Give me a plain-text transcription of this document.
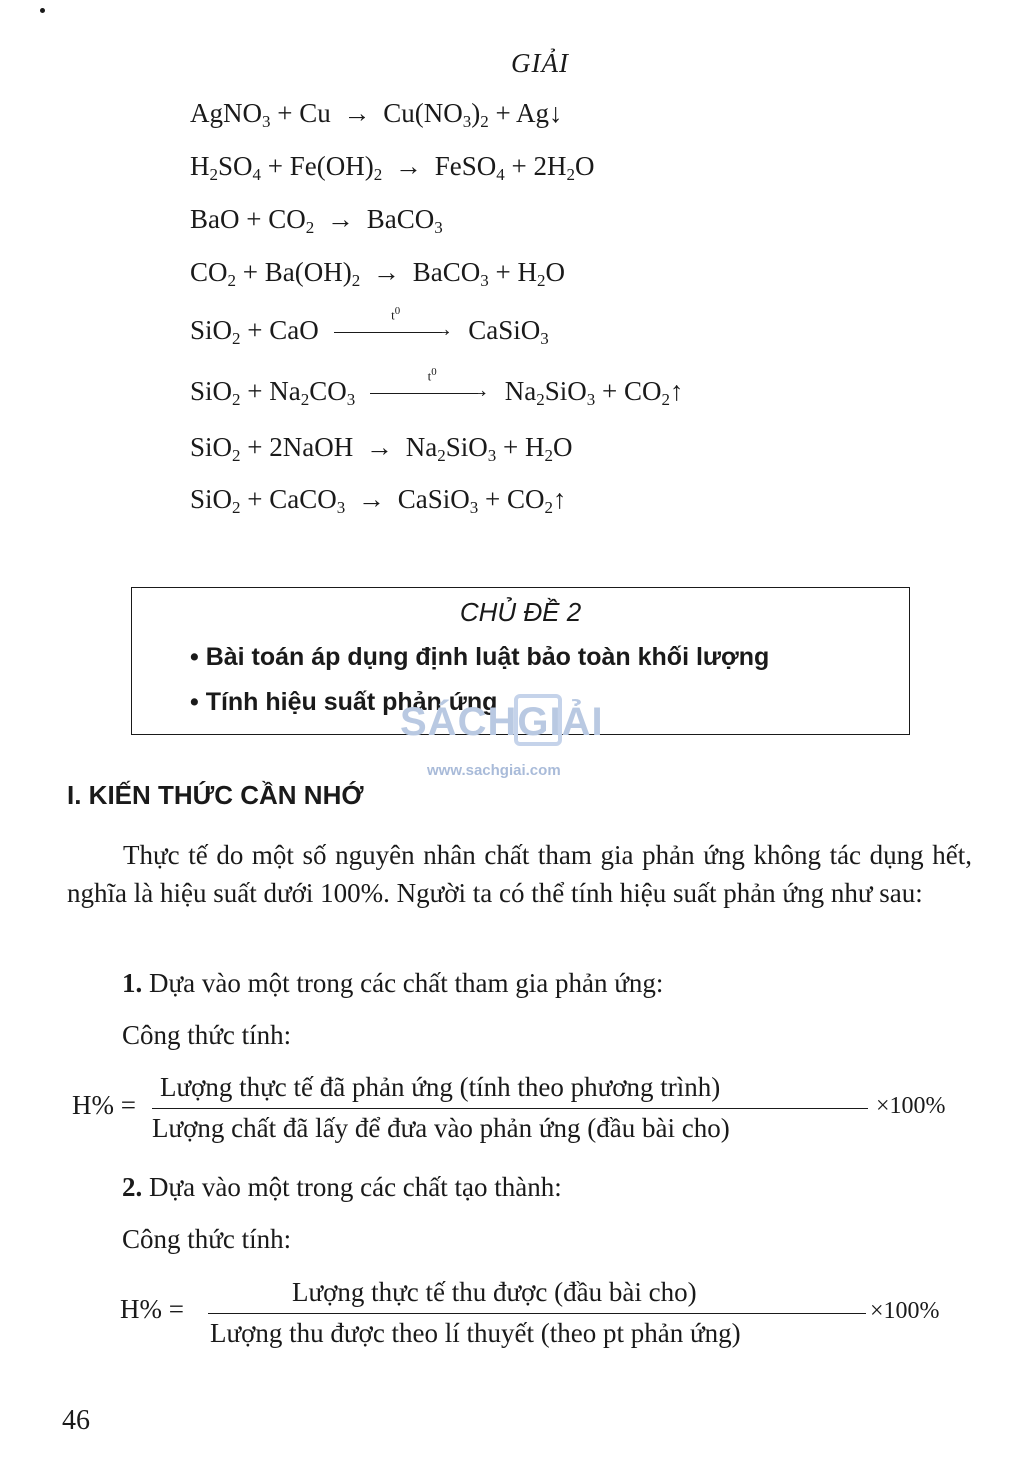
GIẢI
AgNO$_3$ + $Cu \to Cu(NO_3)_2$ + Ag↓
$H_2SO_4 + Fe(OH)_2$ → FeSO$_4$ + $2H_2O$
BaO + $CO_2$ → BaCO$_3$
$CO_2 + Ba(OH)_2$ → BaCO$_3$ + $H_2O$
SiO$_2$ + CaO	→
$t^0$
CaSiO$_3$
$SiO_2 + Na_2CO_3$	→
$t^0$
$Na_2SiO_3$ + $CO_2↑$
SiO$_2$ + 2NaOH → $Na_2SiO_3 + H_2O$
SiO$_2$ + CaCO$_3$ → CaSiO$_3$ + $CO_2↑$
CHỦ ĐỀ 2
• Bài toán áp dụng định luật bảo toàn khối lượng
• Tính hiệu suất phản ứng
SÁCHGIẢI
www.sachgiai.com
I. KIẾN THỨC CẦN NHỚ
Thực tế do một số nguyên nhân chất tham gia phản ứng không tác dụng hết, nghĩa là hiệu suất dưới 100%. Người ta có thể tính hiệu suất phản ứng như sau:
1. Dựa vào một trong các chất tham gia phản ứng:
Công thức tính:
H% =
Lượng thực tế đã phản ứng (tính theo phương trình)
Lượng chất đã lấy để đưa vào phản ứng (đầu bài cho)
×100%
2. Dựa vào một trong các chất tạo thành:
Công thức tính:
H% =
Lượng thực tế thu được (đầu bài cho)
Lượng thu được theo lí thuyết (theo pt phản ứng)
×100%
46
